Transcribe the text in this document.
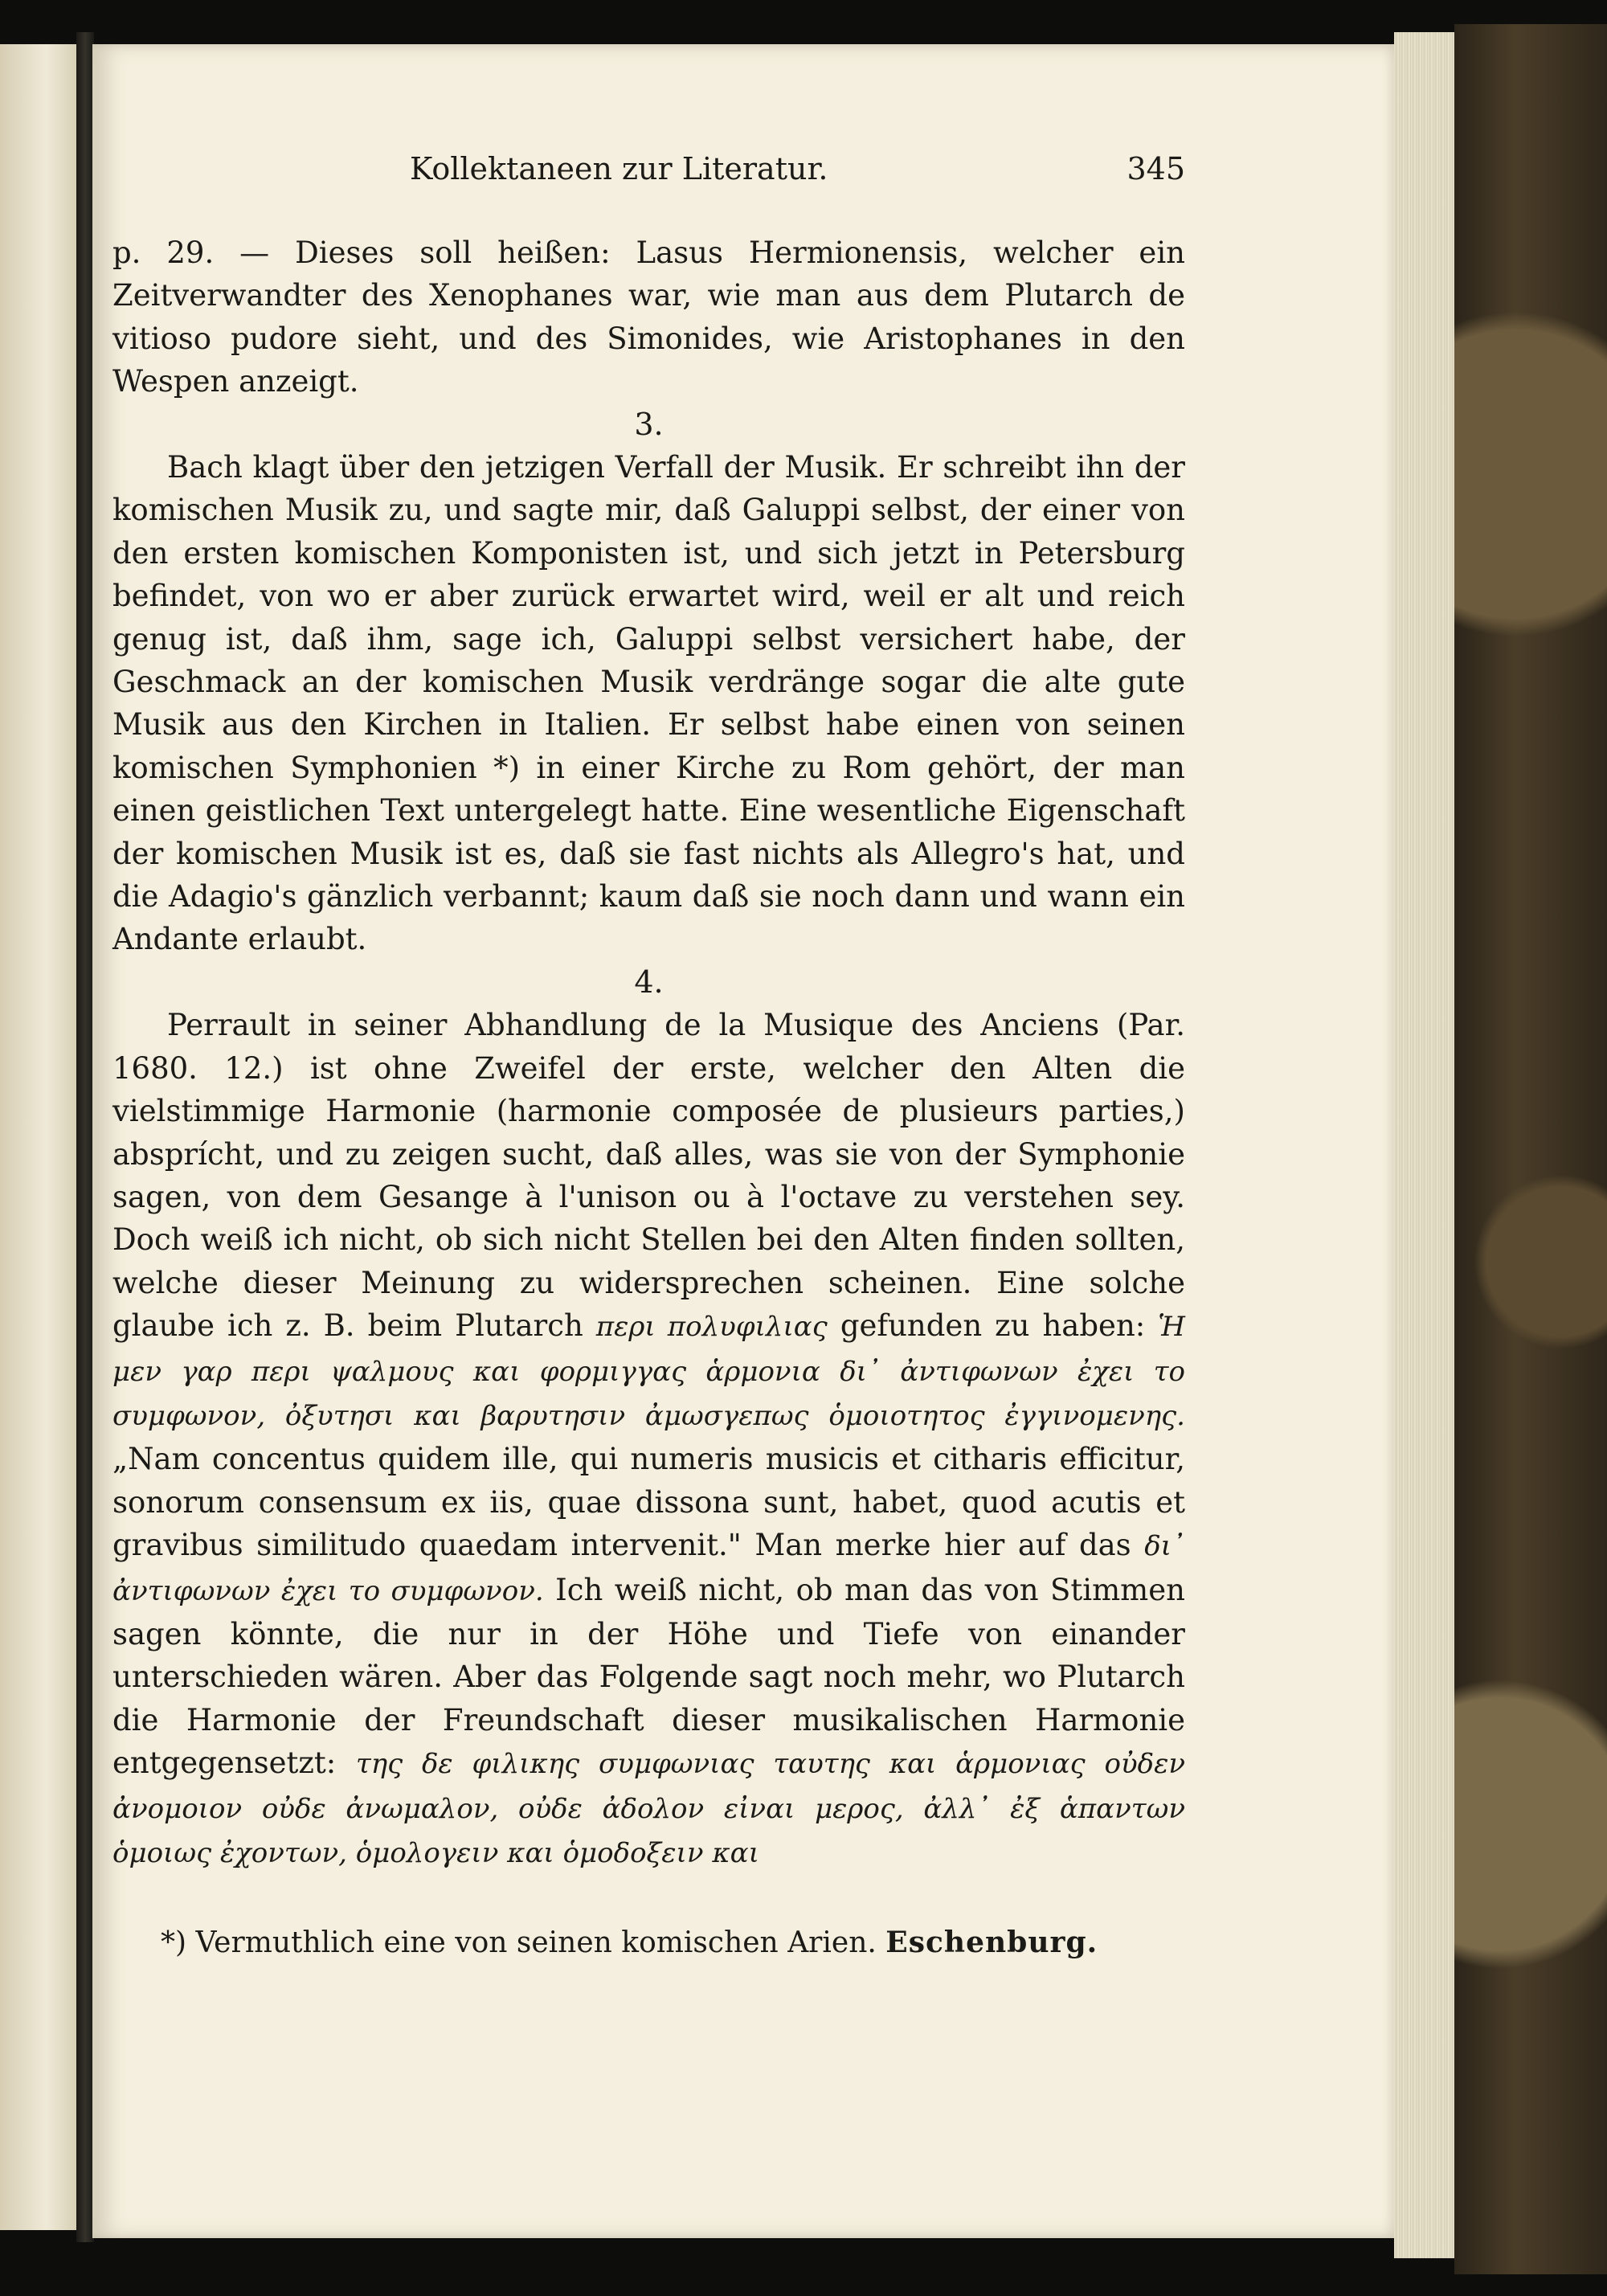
Kollektaneen zur Literatur.	345

p. 29. — Dieses soll heißen: Lasus Hermionensis, welcher ein Zeitverwandter des Xenophanes war, wie man aus dem Plutarch de vitioso pudore sieht, und des Simonides, wie Aristophanes in den Wespen anzeigt.

3.

Bach klagt über den jetzigen Verfall der Musik. Er schreibt ihn der komischen Musik zu, und sagte mir, daß Galuppi selbst, der einer von den ersten komischen Komponisten ist, und sich jetzt in Petersburg befindet, von wo er aber zurück erwartet wird, weil er alt und reich genug ist, daß ihm, sage ich, Galuppi selbst versichert habe, der Geschmack an der komischen Musik verdränge sogar die alte gute Musik aus den Kirchen in Italien. Er selbst habe einen von seinen komischen Symphonien *) in einer Kirche zu Rom gehört, der man einen geistlichen Text untergelegt hatte. Eine wesentliche Eigenschaft der komischen Musik ist es, daß sie fast nichts als Allegro's hat, und die Adagio's gänzlich verbannt; kaum daß sie noch dann und wann ein Andante erlaubt.

4.

Perrault in seiner Abhandlung de la Musique des Anciens (Par. 1680. 12.) ist ohne Zweifel der erste, welcher den Alten die vielstimmige Harmonie (harmonie composée de plusieurs parties,) absprícht, und zu zeigen sucht, daß alles, was sie von der Symphonie sagen, von dem Gesange à l'unison ou à l'octave zu verstehen sey. Doch weiß ich nicht, ob sich nicht Stellen bei den Alten finden sollten, welche dieser Meinung zu widersprechen scheinen. Eine solche glaube ich z. B. beim Plutarch περι πολυφιλιας gefunden zu haben: Ἡ μεν γαρ περι ψαλμους και φορμιγγας ἁρμονια δι᾽ ἀντιφωνων ἐχει το συμφωνον, ὀξυτησι και βαρυτησιν ἀμωσγεπως ὁμοιοτητος ἐγγινομενης. „Nam concentus quidem ille, qui numeris musicis et citharis efficitur, sonorum consensum ex iis, quae dissona sunt, habet, quod acutis et gravibus similitudo quaedam intervenit." Man merke hier auf das δι᾽ ἀντιφωνων ἐχει το συμφωνον. Ich weiß nicht, ob man das von Stimmen sagen könnte, die nur in der Höhe und Tiefe von einander unterschieden wären. Aber das Folgende sagt noch mehr, wo Plutarch die Harmonie der Freundschaft dieser musikalischen Harmonie entgegensetzt: της δε φιλικης συμφωνιας ταυτης και ἁρμονιας οὐδεν ἀνομοιον οὐδε ἀνωμαλον, οὐδε ἀδολον εἰναι μερος, ἀλλ᾽ ἐξ ἁπαντων ὁμοιως ἐχοντων, ὁμολογειν και ὁμοδοξειν και

*) Vermuthlich eine von seinen komischen Arien. Eschenburg.
